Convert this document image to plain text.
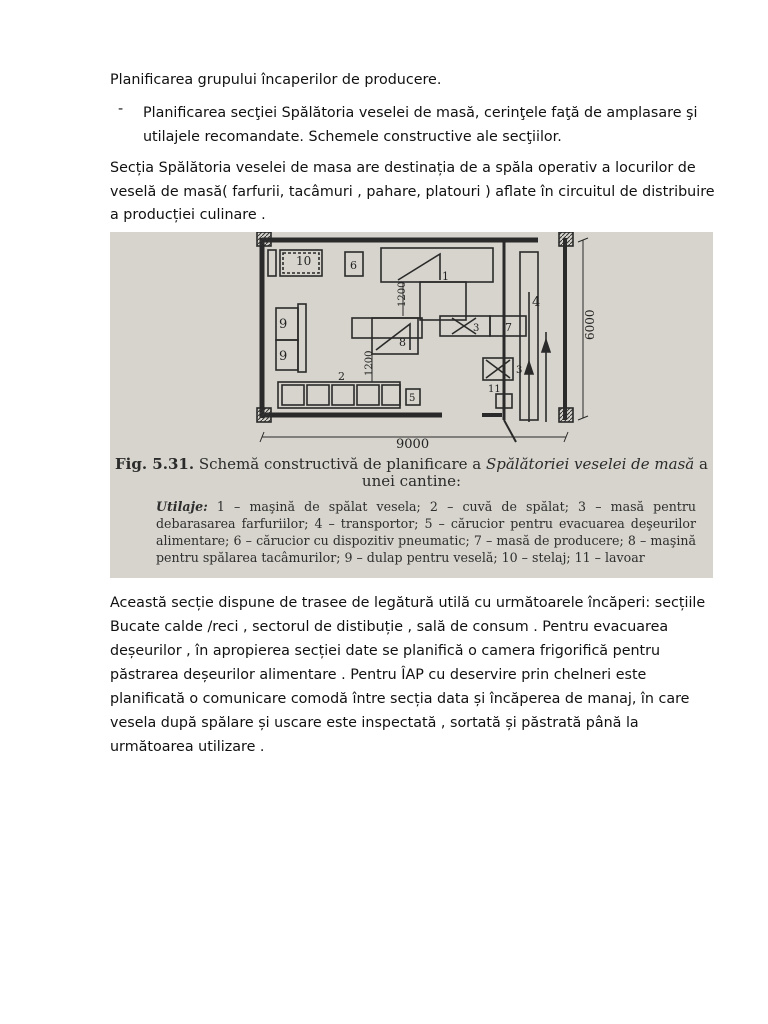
Planificarea grupului încaperilor de producere.
- Planificarea secţiei Spălătoria veselei de masă, cerinţele faţă de amplasare şi utilajele recomandate. Schemele constructive ale secţiilor.
Secția Spălătoria veselei de masa are destinația de a spăla operativ a locurilor de veselă de masă( farfurii, tacâmuri , pahare, platouri ) aflate în circuitul de distribuire a producției culinare .
10	6
1
1200
1200
9
9
8
3 7
3
4
2
5
11
6000
9000
Fig. 5.31. Schemă constructivă de planificare a Spălătoriei veselei de masă a unei cantine:
Utilaje: 1 – maşină de spălat vesela; 2 – cuvă de spălat; 3 – masă pentru debarasarea farfuriilor; 4 – transportor; 5 – cărucior pentru evacuarea deşeurilor alimentare; 6 – cărucior cu dispozitiv pneumatic; 7 – masă de producere; 8 – maşină pentru spălarea tacâmurilor; 9 – dulap pentru veselă; 10 – stelaj; 11 – lavoar
Această secție dispune de trasee de legătură utilă cu următoarele încăperi: secțiile Bucate calde /reci , sectorul de distibuție , sală de consum . Pentru evacuarea deșeurilor , în apropierea secției date se planifică o camera frigorifică pentru păstrarea deșeurilor alimentare . Pentru ÎAP cu deservire prin chelneri este planificată o comunicare comodă între secția data și încăperea de manaj, în care vesela după spălare și uscare este inspectată , sortată și păstrată până la următoarea utilizare .
